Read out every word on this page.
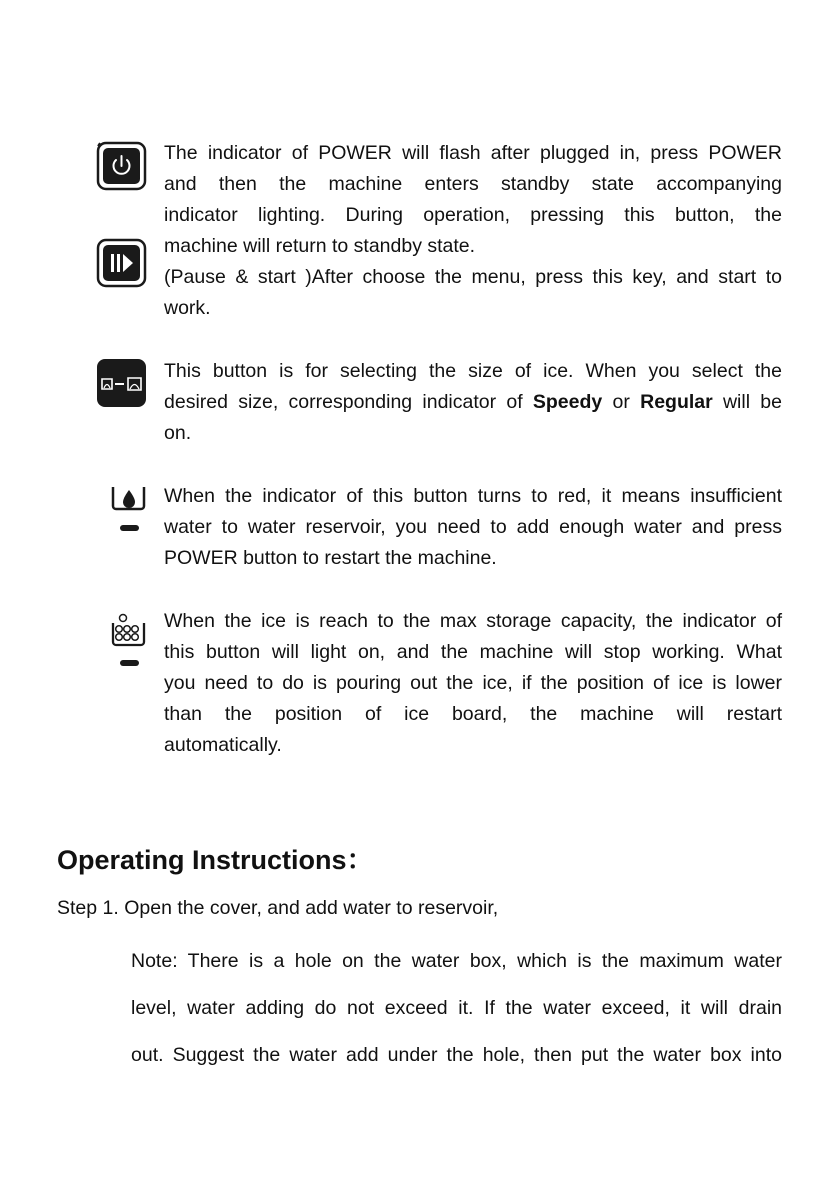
The indicator of POWER will flash after plugged in, press POWER
and then the machine enters standby state accompanying
indicator lighting. During operation, pressing this button, the
machine will return to standby state.

(Pause & start )After choose the menu, press this key, and start to
work.

This button is for selecting the size of ice. When you select the
desired size, corresponding indicator of Speedy or Regular will be
on.

When the indicator of this button turns to red, it means insufficient
water to water reservoir, you need to add enough water and press
POWER button to restart the machine.

When the ice is reach to the max storage capacity, the indicator of
this button will light on, and the machine will stop working. What
you need to do is pouring out the ice, if the position of ice is lower
than the position of ice board, the machine will restart
automatically.

Operating Instructions：

Step 1. Open the cover, and add water to reservoir,

Note: There is a hole on the water box, which is the maximum water
level, water adding do not exceed it. If the water exceed, it will drain
out. Suggest the water add under the hole, then put the water box into
